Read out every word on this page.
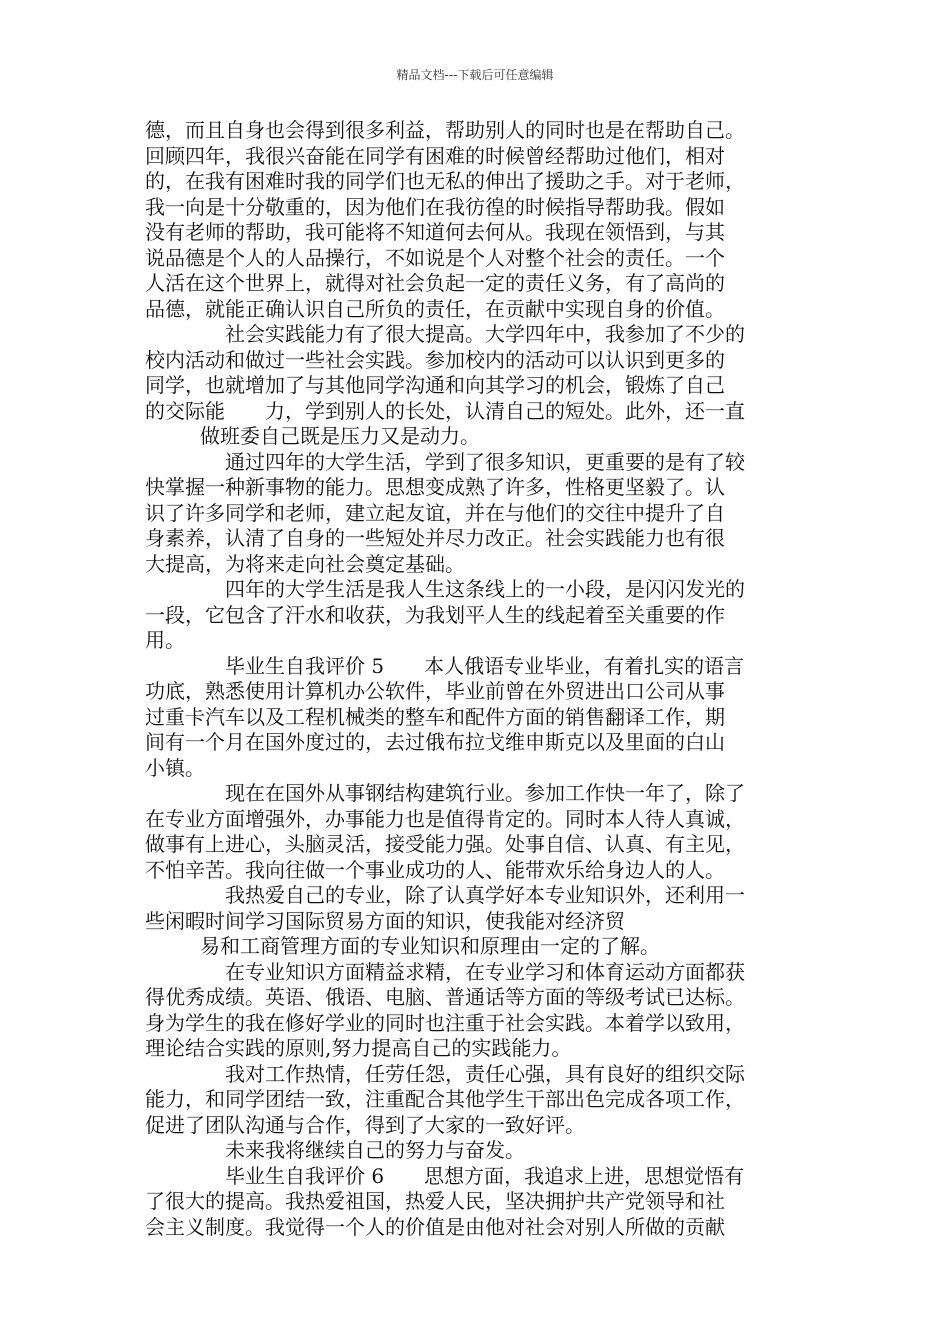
精品文档---下载后可任意编辑
德，而且自身也会得到很多利益，帮助别人的同时也是在帮助自己。
回顾四年，我很兴奋能在同学有困难的时候曾经帮助过他们，相对
的，在我有困难时我的同学们也无私的伸出了援助之手。对于老师，
我一向是十分敬重的，因为他们在我彷徨的时候指导帮助我。假如
没有老师的帮助，我可能将不知道何去何从。我现在领悟到，与其
说品德是个人的人品操行，不如说是个人对整个社会的责任。一个
人活在这个世界上，就得对社会负起一定的责任义务，有了高尚的
品德，就能正确认识自己所负的责任，在贡献中实现自身的价值。
社会实践能力有了很大提高。大学四年中，我参加了不少的
校内活动和做过一些社会实践。参加校内的活动可以认识到更多的
同学，也就增加了与其他同学沟通和向其学习的机会，锻炼了自己
的交际能　　力，学到别人的长处，认清自己的短处。此外，还一直
做班委自己既是压力又是动力。
通过四年的大学生活，学到了很多知识，更重要的是有了较
快掌握一种新事物的能力。思想变成熟了许多，性格更坚毅了。认
识了许多同学和老师，建立起友谊，并在与他们的交往中提升了自
身素养，认清了自身的一些短处并尽力改正。社会实践能力也有很
大提高，为将来走向社会奠定基础。
四年的大学生活是我人生这条线上的一小段，是闪闪发光的
一段，它包含了汗水和收获，为我划平人生的线起着至关重要的作
用。
毕业生自我评价 5　　本人俄语专业毕业，有着扎实的语言
功底，熟悉使用计算机办公软件，毕业前曾在外贸进出口公司从事
过重卡汽车以及工程机械类的整车和配件方面的销售翻译工作，期
间有一个月在国外度过的，去过俄布拉戈维申斯克以及里面的白山
小镇。
现在在国外从事钢结构建筑行业。参加工作快一年了，除了
在专业方面增强外，办事能力也是值得肯定的。同时本人待人真诚，
做事有上进心，头脑灵活，接受能力强。处事自信、认真、有主见，
不怕辛苦。我向往做一个事业成功的人、能带欢乐给身边人的人。
我热爱自己的专业，除了认真学好本专业知识外，还利用一
些闲暇时间学习国际贸易方面的知识，使我能对经济贸
易和工商管理方面的专业知识和原理由一定的了解。
在专业知识方面精益求精，在专业学习和体育运动方面都获
得优秀成绩。英语、俄语、电脑、普通话等方面的等级考试已达标。
身为学生的我在修好学业的同时也注重于社会实践。本着学以致用，
理论结合实践的原则,努力提高自己的实践能力。
我对工作热情，任劳任怨，责任心强，具有良好的组织交际
能力，和同学团结一致，注重配合其他学生干部出色完成各项工作，
促进了团队沟通与合作，得到了大家的一致好评。
未来我将继续自己的努力与奋发。
毕业生自我评价 6　　思想方面，我追求上进，思想觉悟有
了很大的提高。我热爱祖国，热爱人民，坚决拥护共产党领导和社
会主义制度。我觉得一个人的价值是由他对社会对别人所做的贡献
